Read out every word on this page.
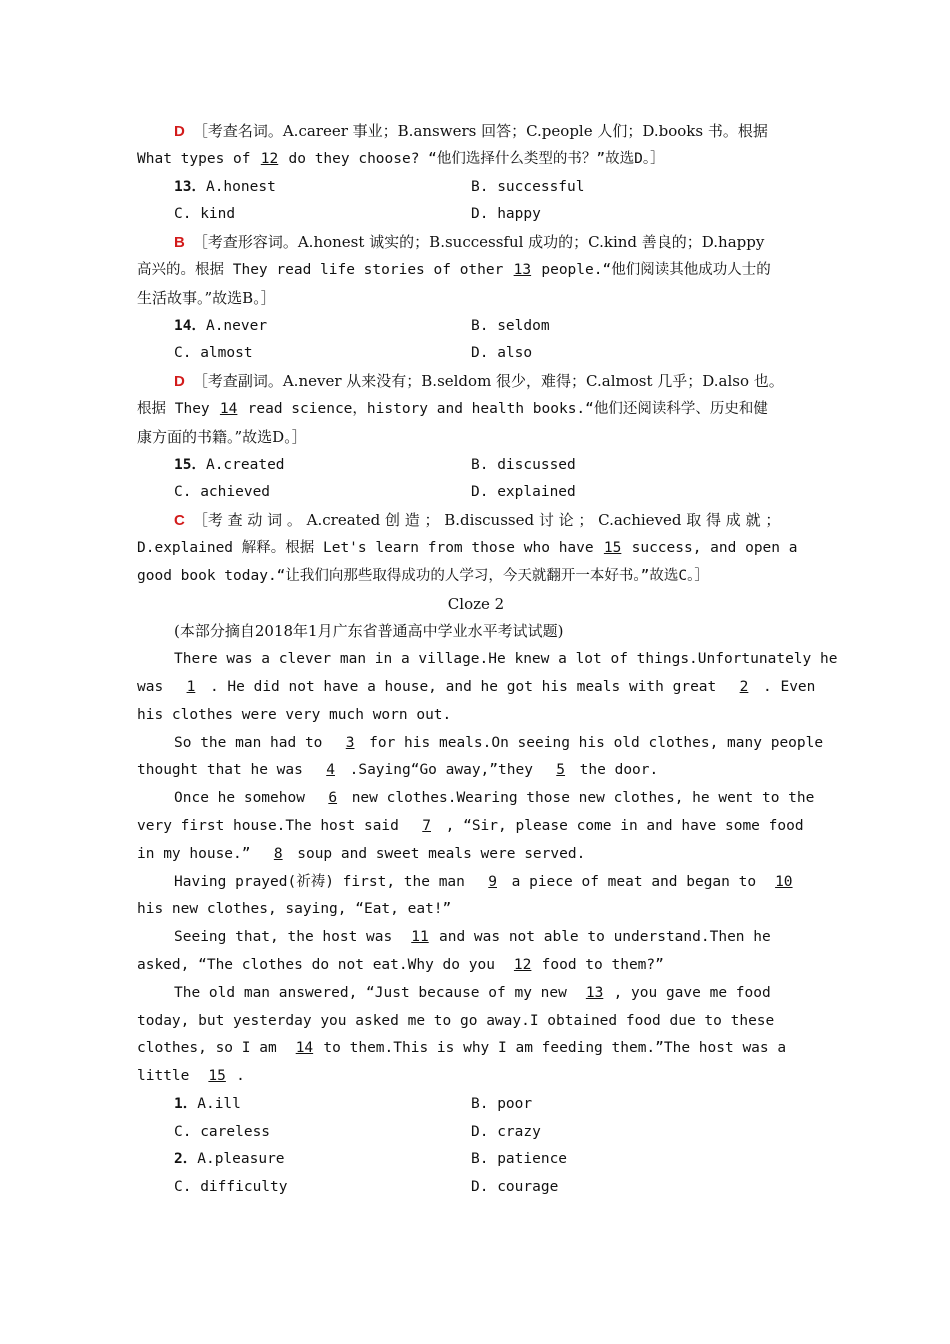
D ［考查名词。A.career 事业；B.answers 回答；C.people 人们；D.books 书。根据
What types of 12 do they choose? “他们选择什么类型的书？”故选D。］
13．A.honest	B. successful
C. kind	D. happy
B ［考查形容词。A.honest 诚实的；B.successful 成功的；C.kind 善良的；D.happy
高兴的。根据 They read life stories of other 13 people.“他们阅读其他成功人士的
生活故事。”故选B。］
14．A.never	B. seldom
C. almost	D. also
D ［考查副词。A.never 从来没有；B.seldom 很少，难得；C.almost 几乎；D.also 也。
根据 They 14 read science，history and health books.“他们还阅读科学、历史和健
康方面的书籍。”故选D。］
15．A.created	B. discussed
C. achieved	D. explained
C ［考 查 动 词 。 A.created 创 造 ； B.discussed 讨 论 ； C.achieved 取 得 成 就 ；
D.explained 解释。根据 Let's learn from those who have 15 success, and open a
good book today.“让我们向那些取得成功的人学习，今天就翻开一本好书。”故选C。］
Cloze 2
(本部分摘自2018年1月广东省普通高中学业水平考试试题)
There was a clever man in a village.He knew a lot of things.Unfortunately he
was 1 . He did not have a house, and he got his meals with great 2 . Even
his clothes were very much worn out.
So the man had to 3 for his meals.On seeing his old clothes, many people
thought that he was 4 .Saying“Go away,”they 5 the door.
Once he somehow 6 new clothes.Wearing those new clothes, he went to the
very first house.The host said 7 , “Sir, please come in and have some food
in my house.” 8 soup and sweet meals were served.
Having prayed(祈祷) first, the man 9 a piece of meat and began to 10
his new clothes, saying, “Eat, eat!”
Seeing that, the host was 11 and was not able to understand.Then he
asked, “The clothes do not eat.Why do you 12 food to them?”
The old man answered, “Just because of my new 13 , you gave me food
today, but yesterday you asked me to go away.I obtained food due to these
clothes, so I am 14 to them.This is why I am feeding them.”The host was a
little 15 .
1．A.ill	B. poor
C. careless	D. crazy
2．A.pleasure	B. patience
C. difficulty	D. courage
